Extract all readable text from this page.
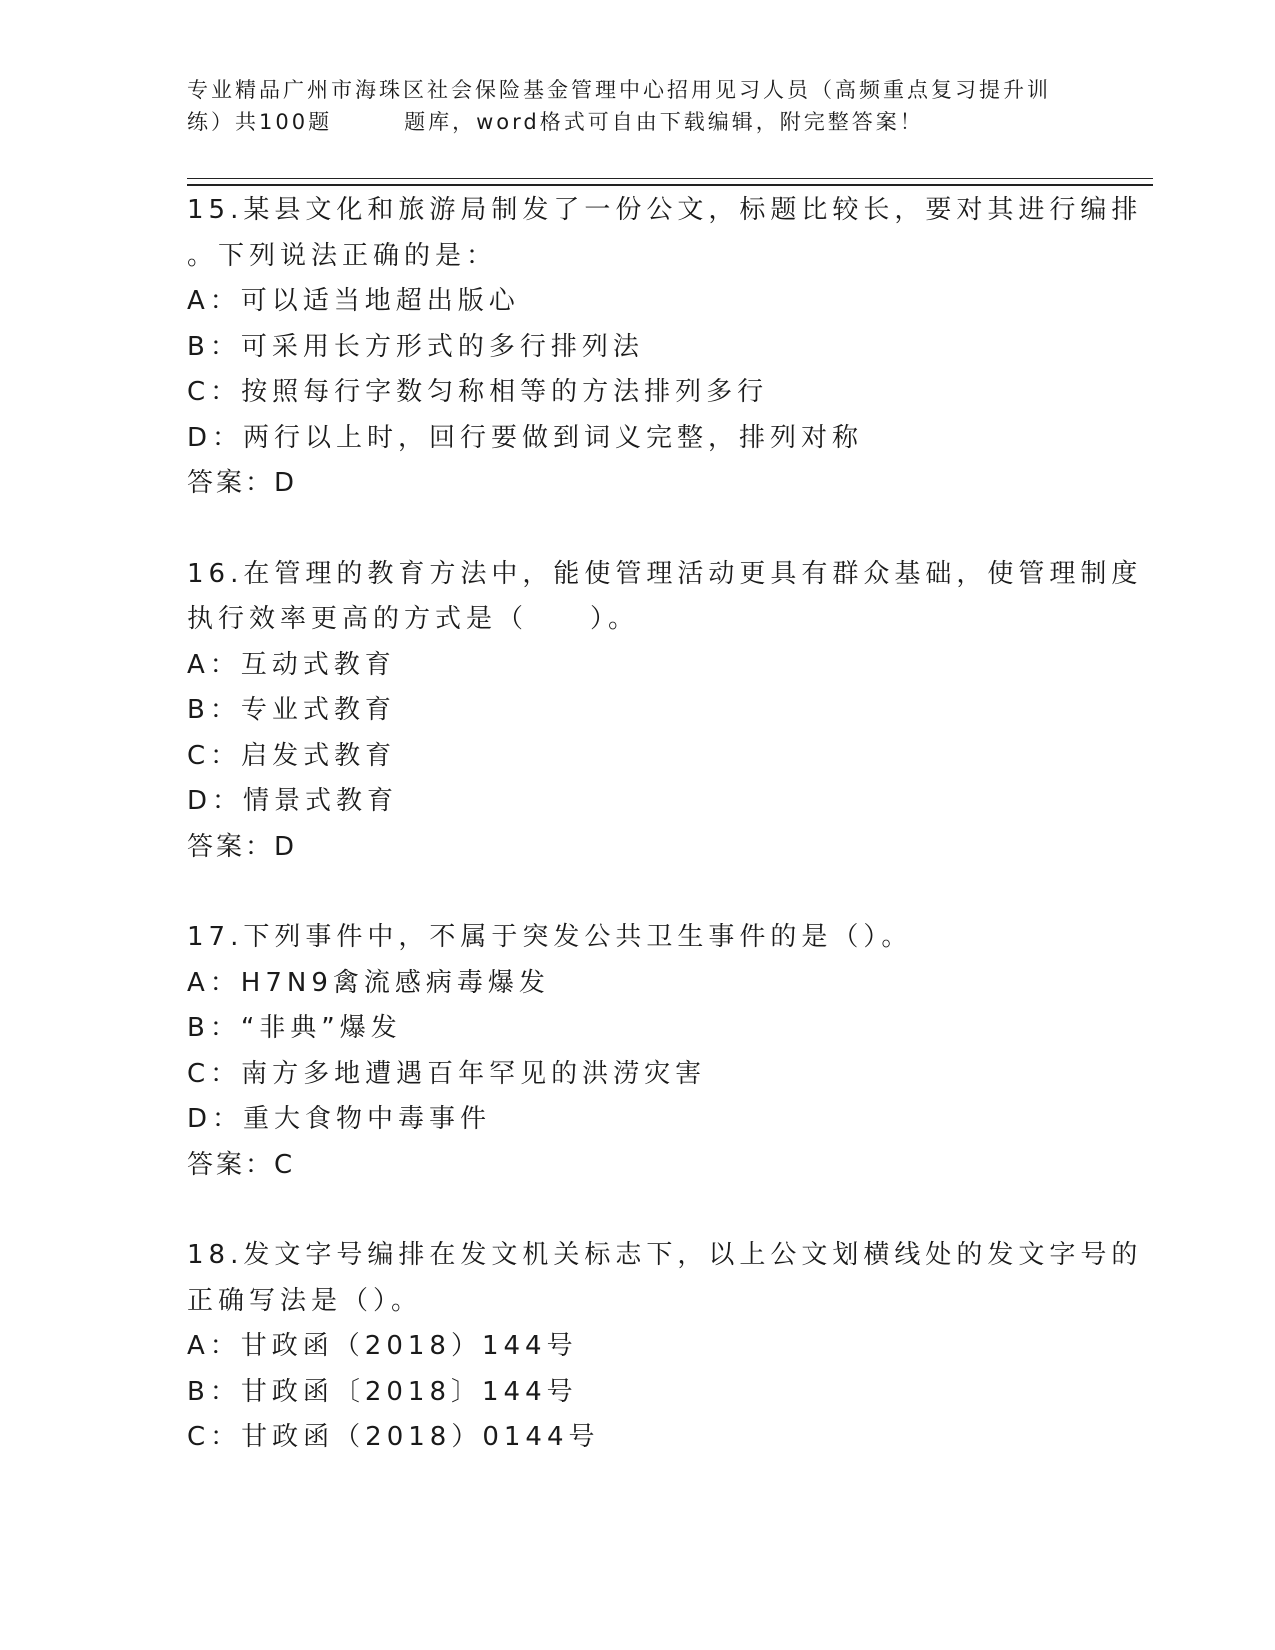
专业精品广州市海珠区社会保险基金管理中心招用见习人员（高频重点复习提升训
练）共100题　　　题库，word格式可自由下载编辑，附完整答案！
15.某县文化和旅游局制发了一份公文，标题比较长，要对其进行编排
。下列说法正确的是：
A：可以适当地超出版心
B：可采用长方形式的多行排列法
C：按照每行字数匀称相等的方法排列多行
D：两行以上时，回行要做到词义完整，排列对称
答案：D
16.在管理的教育方法中，能使管理活动更具有群众基础，使管理制度
执行效率更高的方式是（　　）。
A：互动式教育
B：专业式教育
C：启发式教育
D：情景式教育
答案：D
17.下列事件中，不属于突发公共卫生事件的是（）。
A：H7N9禽流感病毒爆发
B：“非典”爆发
C：南方多地遭遇百年罕见的洪涝灾害
D：重大食物中毒事件
答案：C
18.发文字号编排在发文机关标志下，以上公文划横线处的发文字号的
正确写法是（）。
A：甘政函（2018）144号
B：甘政函〔2018〕144号
C：甘政函（2018）0144号
